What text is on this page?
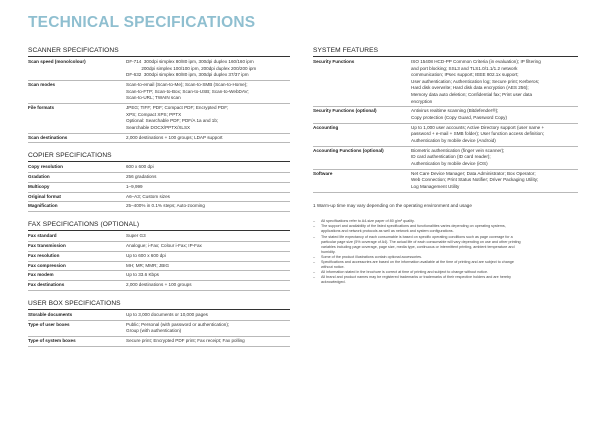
TECHNICAL SPECIFICATIONS
SCANNER SPECIFICATIONS
Scan speed (mono/colour)	DF-714  300dpi simplex 80/80 ipm, 300dpi duplex 160/160 ipm
200dpi simplex 100/100 ipm, 200dpi duplex 200/200 ipm
DF-632  300dpi simplex 80/80 ipm, 300dpi duplex 37/37 ipm
Scan modes	Scan-to-email (Scan-to-Me); Scan-to-SMB (Scan-to-Home);
Scan-to-FTP; Scan-to-Box; Scan-to-USB; Scan-to-WebDAV;
Scan-to-URL; TWAIN scan
File formats	JPEG; TIFF; PDF; Compact PDF; Encrypted PDF;
XPS; Compact XPS; PPTX
Optional: Searchable PDF; PDF/A 1a and 1b;
Searchable DOCX/PPTX/XLSX
Scan destinations	2,000 destinations + 100 groups; LDAP support
COPIER SPECIFICATIONS
Copy resolution	600 x 600 dpi
Gradation	256 gradations
Multicopy	1–9,999
Original format	A6–A3; Custom sizes
Magnification	25–400% in 0.1% steps; Auto-zooming
FAX SPECIFICATIONS (OPTIONAL)
Fax standard	Super G3
Fax transmission	Analogue; i-Fax; Colour i-Fax; IP-Fax
Fax resolution	Up to 600 x 600 dpi
Fax compression	MH; MR; MMR; JBIG
Fax modem	Up to 33.6 Kbps
Fax destinations	2,000 destinations + 100 groups
USER BOX SPECIFICATIONS
Storable documents	Up to 3,000 documents or 10,000 pages
Type of user boxes	Public; Personal (with password or authentication);
Group (with authentication)
Type of system boxes	Secure print; Encrypted PDF print; Fax receipt; Fax polling
SYSTEM FEATURES
Security Functions	ISO 15408 HCD-PP Common Criteria (in evaluation); IP filtering
and port blocking; SSL3 and TLS1.0/1.1/1.2 network
communication; IPsec support; IEEE 802.1x support;
User authentication; Authentication log; Secure print; Kerberos;
Hard disk overwrite; Hard disk data encryption (AES 256);
Memory data auto deletion; Confidential fax; Print user data
encryption
Security Functions (optional)	Antivirus realtime scanning (Bitdefender®);
Copy protection (Copy Guard, Password Copy)
Accounting	Up to 1,000 user accounts; Active Directory support (user name +
password + e-mail + SMB folder); User function access definition;
Authentication by mobile device (Android)
Accounting Functions (optional)	Biometric authentication (finger vein scanner);
ID card authentication (ID card reader);
Authentication by mobile device (iOS)
Software	Net Care Device Manager; Data Administrator; Box Operator;
Web Connection; Print Status Notifier; Driver Packaging Utility;
Log Management Utility
1 Warm-up time may vary depending on the operating environment and usage
– All specifications refer to A4-size paper of 80 g/m² quality.
– The support and availability of the listed specifications and functionalities varies depending on operating systems,
applications and network protocols as well as network and system configurations.
– The stated life expectancy of each consumable is based on specific operating conditions such as page coverage for a
particular page size (5% coverage of A4). The actual life of each consumable will vary depending on use and other printing
variables including page coverage, page size, media type, continuous or intermittent printing, ambient temperature and
humidity.
– Some of the product illustrations contain optional accessories.
– Specifications and accessories are based on the information available at the time of printing and are subject to change
without notice.
– All information stated in the brochure is correct at time of printing and subject to change without notice.
– All brand and product names may be registered trademarks or trademarks of their respective holders and are hereby
acknowledged.
